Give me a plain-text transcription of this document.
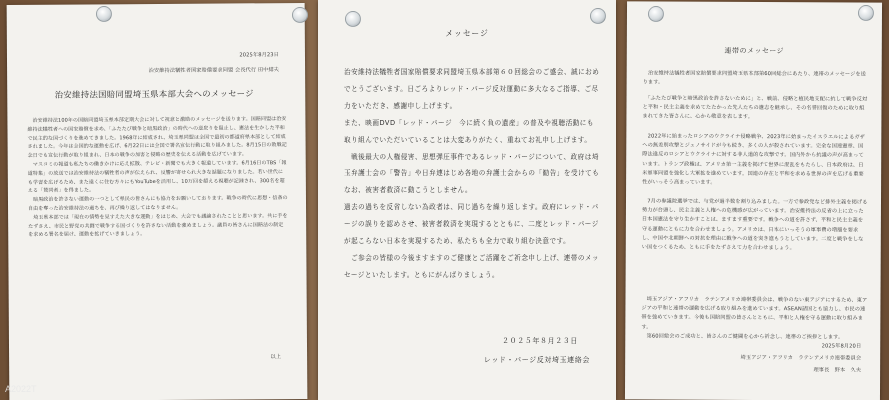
2025年8月23日
治安維持法犠牲者国家賠償要求同盟 会長代行 田中緋夫
治安維持法国賠同盟埼玉県本部大会へのメッセージ
　治安維持法100年の国賠同盟埼玉県本部定期大会に対して祝意と激励のメッセージを送ります。国賠同盟は治安維持法犠牲者への国家賠償を求め、「ふたたび戦争と暗黒政治」の時代への逆戻りを阻止し、憲法を生かした平和で民主的な国づくりを進めてきました。1968年に結成され、埼玉県同盟は全国で最初の都道府県本部として結成されました。今年は全国的な運動を広げ、6月22日には全国で署名宣伝行動に取り組みました。8月15日の敗戦記念日でも宣伝行動が取り組まれ、日本の戦争の加害と侵略の歴史を伝える活動を広げています。
　マスコミの報道も私たちの働きかけに応え拡散、テレビ・新聞でも大きく報道しています。6月16日のTBS「報道特集」の放送では治安維持法の犠牲者の声が伝えられ、反響が寄せられ大きな話題になりました。若い世代にも学習を広げるため、また遠くに住む方々にもYouTubeを活用し、10万回を超える視聴が記録され、300名を超える「賛同者」を得ました。
　暗黒政治を許さない運動の一つとして県民の皆さんにも協力をお願いしております。戦争の時代に思想・信条の自由を奪った治安維持法の過ちを、再び繰り返してはなりません。
　埼玉県本部では「現在の情勢を見すえた大きな運動」をはじめ、大会でも議論されたことと思います。共に手をたずさえ、市民と野党の共闘で戦争する国づくりを許さない活動を強めましょう。議員の皆さんに国賠法の制定を求める署名を届け、運動を拡げていきましょう。
以上
メッセージ
治安維持法犠牲者国家賠償要求同盟埼玉県本部第６０回総会のご盛会、誠におめでとうございます。日ごろよりレッド・パージ反対運動に多大なるご指導、ご尽力をいただき、感謝申し上げます。
また、映画DVD「レッド・パージ　今に続く負の遺産」の普及や視聴活動にも取り組んでいただいていることは大変ありがたく、重ねてお礼申し上げます。
　戦後最大の人権侵害、思想弾圧事件であるレッド・パージについて、政府は埼玉弁護士会の「警告」や日弁連はじめ各地の弁護士会からの「勧告」を受けてもなお、被害者救済に動こうとしません。
過去の過ちを反省しない為政者は、同じ過ちを繰り返します。政府にレッド・パージの誤りを認めさせ、被害者救済を実現するとともに、二度とレッド・パージが起こらない日本を実現するため、私たちも全力で取り組む決意です。
　ご参会の皆様の今後ますますのご健康とご活躍をご祈念申し上げ、連帯のメッセージといたします。ともにがんばりましょう。
２０２５年８月２３日
レッド・パージ反対埼玉連絡会
連帯のメッセージ
　治安維持法犠牲者国家賠償要求同盟埼玉県本部第60回総会にあたり、連帯のメッセージを送ります。
　「ふたたび戦争と暗黒政治を許さないために」と、戦前、侵略と植民地支配に抗して戦争反対と平和・民主主義を求めてたたかった先人たちの遺志を継承し、その名誉回復のために取り組まれてきた皆さんに、心から敬意を表します。
　2022年に始まったロシアのウクライナ侵略戦争、2023年に始まったイスラエルによるガザへの無差別攻撃とジェノサイドが今も続き、多くの人が殺されています。完全な国連憲章、国際法違反のロシアとウクライナに対する非人道的な攻撃です。国内外から抗議の声が高まっています。トランプ政権は、アメリカ第一主義を掲げて世界に混乱をもたらし、日本政府は、日米軍事同盟を強化し大軍拡を進めています。国連の存在と平和を求める世界の声を広げる重要性がいっそう高まっています。
　7月の参議院選挙では、与党が過半数を割り込みました。一方で参政党など排外主義を掲げる勢力が台頭し、民主主義と人権への危機感が広がっています。治安維持法の反省の上に立った日本国憲法を守り生かすことは、ますます重要です。戦争への道を許さず、平和と民主主義を守る運動にともに力を合わせましょう。アメリカは、日本にいっそうの軍事費の増額を要求し、中国や北朝鮮への対抗を理由に戦争への道を突き進もうとしています。二度と戦争をしない国をつくるため、ともに手をたずさえて力を合わせましょう。
　埼玉アジア・アフリカ　ラテンアメリカ連帯委員会は、戦争のない東アジアにするため、東アジアの平和と連帯の運動を広げる取り組みを進めています。ASEAN諸国とも協力し、市民の連帯を強めていきます。今後も国賠同盟の皆さんとともに、平和と人権を守る運動に取り組みます。
　第60回総会のご成功と、皆さんのご健闘を心から祈念し、連帯のご挨拶とします。
2025年8月20日
埼玉アジア・アフリカ　ラテンアメリカ連帯委員会
理事長　野本　久夫
A2022T
